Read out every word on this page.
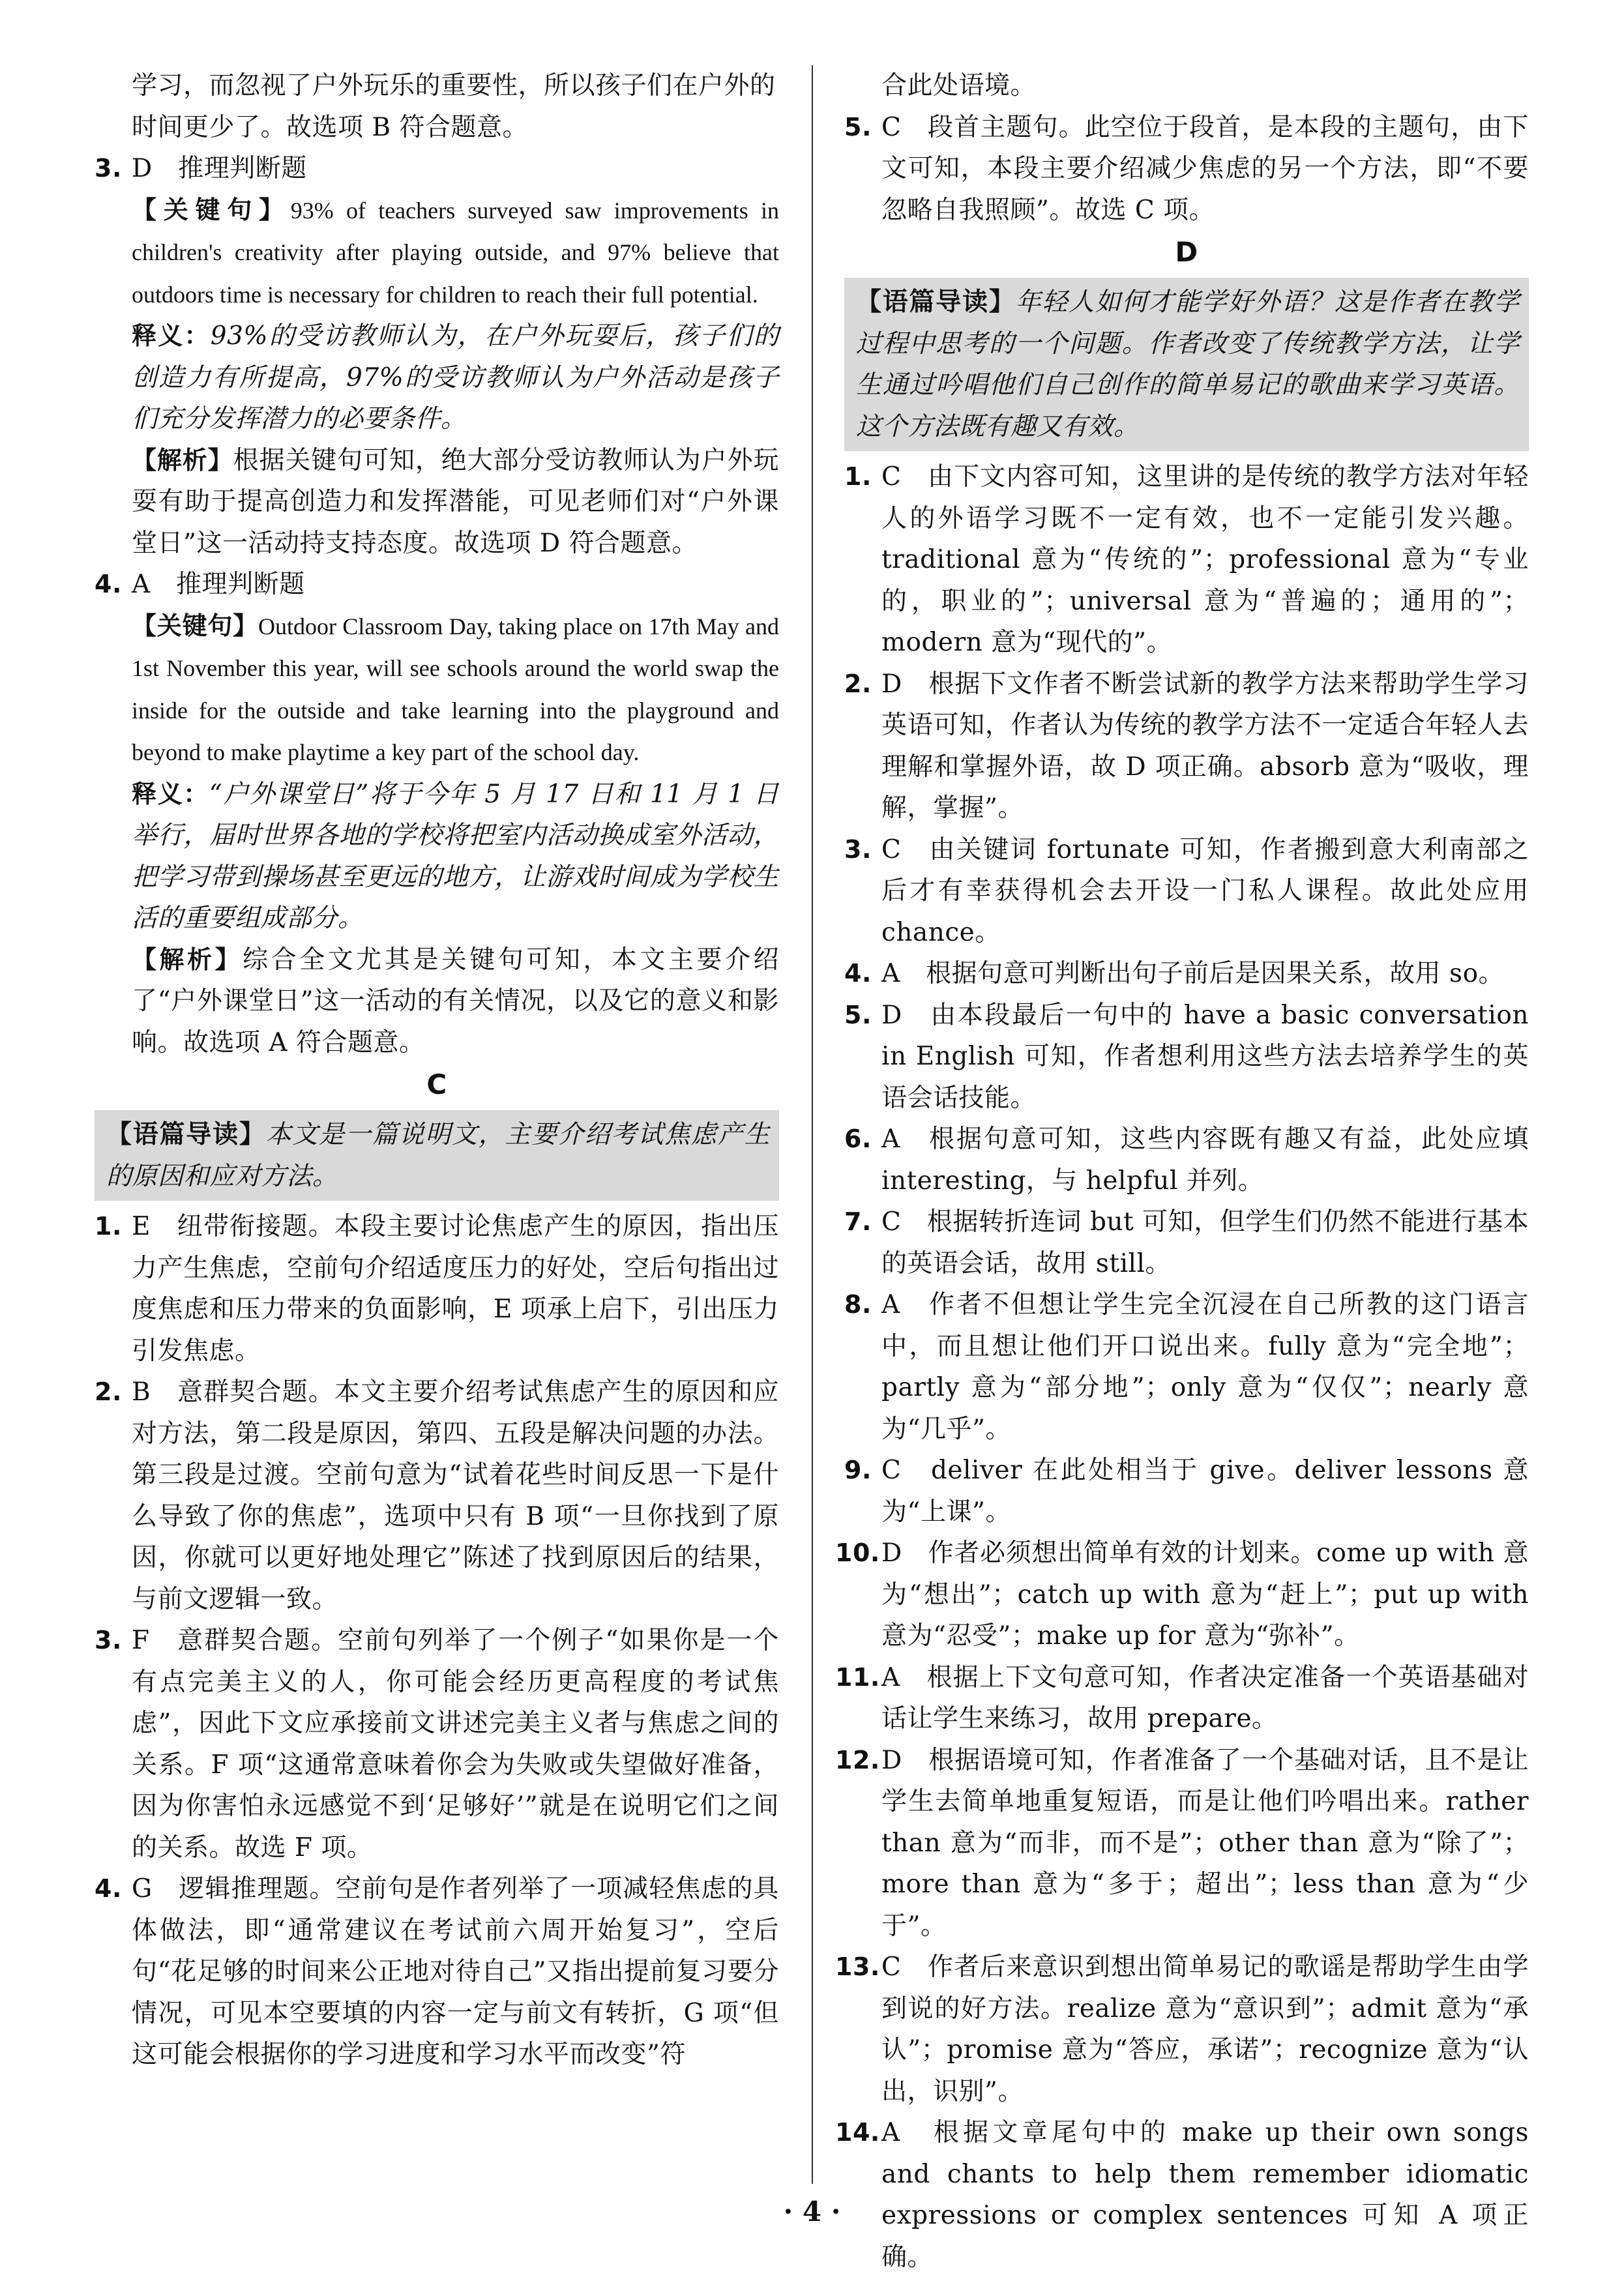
学习，而忽视了户外玩乐的重要性，所以孩子们在户外的

时间更少了。故选项 B 符合题意。

3. D　推理判断题

【关键句】93% of teachers surveyed saw improvements in children's creativity after playing outside, and 97% believe that outdoors time is necessary for children to reach their full potential.

释义：93%的受访教师认为，在户外玩耍后，孩子们的创造力有所提高，97%的受访教师认为户外活动是孩子们充分发挥潜力的必要条件。

【解析】根据关键句可知，绝大部分受访教师认为户外玩耍有助于提高创造力和发挥潜能，可见老师们对“户外课堂日”这一活动持支持态度。故选项 D 符合题意。

4. A　推理判断题

【关键句】Outdoor Classroom Day, taking place on 17th May and 1st November this year, will see schools around the world swap the inside for the outside and take learning into the playground and beyond to make playtime a key part of the school day.

释义：“户外课堂日”将于今年 5 月 17 日和 11 月 1 日举行，届时世界各地的学校将把室内活动换成室外活动，把学习带到操场甚至更远的地方，让游戏时间成为学校生活的重要组成部分。

【解析】综合全文尤其是关键句可知，本文主要介绍了“户外课堂日”这一活动的有关情况，以及它的意义和影响。故选项 A 符合题意。

C
【语篇导读】本文是一篇说明文，主要介绍考试焦虑产生的原因和应对方法。
1. E　纽带衔接题。本段主要讨论焦虑产生的原因，指出压力产生焦虑，空前句介绍适度压力的好处，空后句指出过度焦虑和压力带来的负面影响，E 项承上启下，引出压力引发焦虑。

2. B　意群契合题。本文主要介绍考试焦虑产生的原因和应对方法，第二段是原因，第四、五段是解决问题的办法。第三段是过渡。空前句意为“试着花些时间反思一下是什么导致了你的焦虑”，选项中只有 B 项“一旦你找到了原因，你就可以更好地处理它”陈述了找到原因后的结果，与前文逻辑一致。

3. F　意群契合题。空前句列举了一个例子“如果你是一个有点完美主义的人，你可能会经历更高程度的考试焦虑”，因此下文应承接前文讲述完美主义者与焦虑之间的关系。F 项“这通常意味着你会为失败或失望做好准备，因为你害怕永远感觉不到‘足够好’”就是在说明它们之间的关系。故选 F 项。

4. G　逻辑推理题。空前句是作者列举了一项减轻焦虑的具体做法，即“通常建议在考试前六周开始复习”，空后句“花足够的时间来公正地对待自己”又指出提前复习要分情况，可见本空要填的内容一定与前文有转折，G 项“但这可能会根据你的学习进度和学习水平而改变”符

合此处语境。

5. C　段首主题句。此空位于段首，是本段的主题句，由下文可知，本段主要介绍减少焦虑的另一个方法，即“不要忽略自我照顾”。故选 C 项。

D
【语篇导读】年轻人如何才能学好外语？这是作者在教学过程中思考的一个问题。作者改变了传统教学方法，让学生通过吟唱他们自己创作的简单易记的歌曲来学习英语。这个方法既有趣又有效。
1. C　由下文内容可知，这里讲的是传统的教学方法对年轻人的外语学习既不一定有效，也不一定能引发兴趣。traditional 意为“传统的”；professional 意为“专业的，职业的”；universal 意为“普遍的；通用的”；modern 意为“现代的”。

2. D　根据下文作者不断尝试新的教学方法来帮助学生学习英语可知，作者认为传统的教学方法不一定适合年轻人去理解和掌握外语，故 D 项正确。absorb 意为“吸收，理解，掌握”。

3. C　由关键词 fortunate 可知，作者搬到意大利南部之后才有幸获得机会去开设一门私人课程。故此处应用 chance。

4. A　根据句意可判断出句子前后是因果关系，故用 so。

5. D　由本段最后一句中的 have a basic conversation in English 可知，作者想利用这些方法去培养学生的英语会话技能。

6. A　根据句意可知，这些内容既有趣又有益，此处应填 interesting，与 helpful 并列。

7. C　根据转折连词 but 可知，但学生们仍然不能进行基本的英语会话，故用 still。

8. A　作者不但想让学生完全沉浸在自己所教的这门语言中，而且想让他们开口说出来。fully 意为“完全地”；partly 意为“部分地”；only 意为“仅仅”；nearly 意为“几乎”。

9. C　deliver 在此处相当于 give。deliver lessons 意为“上课”。

10. D　作者必须想出简单有效的计划来。come up with 意为“想出”；catch up with 意为“赶上”；put up with 意为“忍受”；make up for 意为“弥补”。

11. A　根据上下文句意可知，作者决定准备一个英语基础对话让学生来练习，故用 prepare。

12. D　根据语境可知，作者准备了一个基础对话，且不是让学生去简单地重复短语，而是让他们吟唱出来。rather than 意为“而非，而不是”；other than 意为“除了”；more than 意为“多于；超出”；less than 意为“少于”。

13. C　作者后来意识到想出简单易记的歌谣是帮助学生由学到说的好方法。realize 意为“意识到”；admit 意为“承认”；promise 意为“答应，承诺”；recognize 意为“认出，识别”。

14. A　根据文章尾句中的 make up their own songs and chants to help them remember idiomatic expressions or complex sentences 可知 A 项正确。

· 4 ·
